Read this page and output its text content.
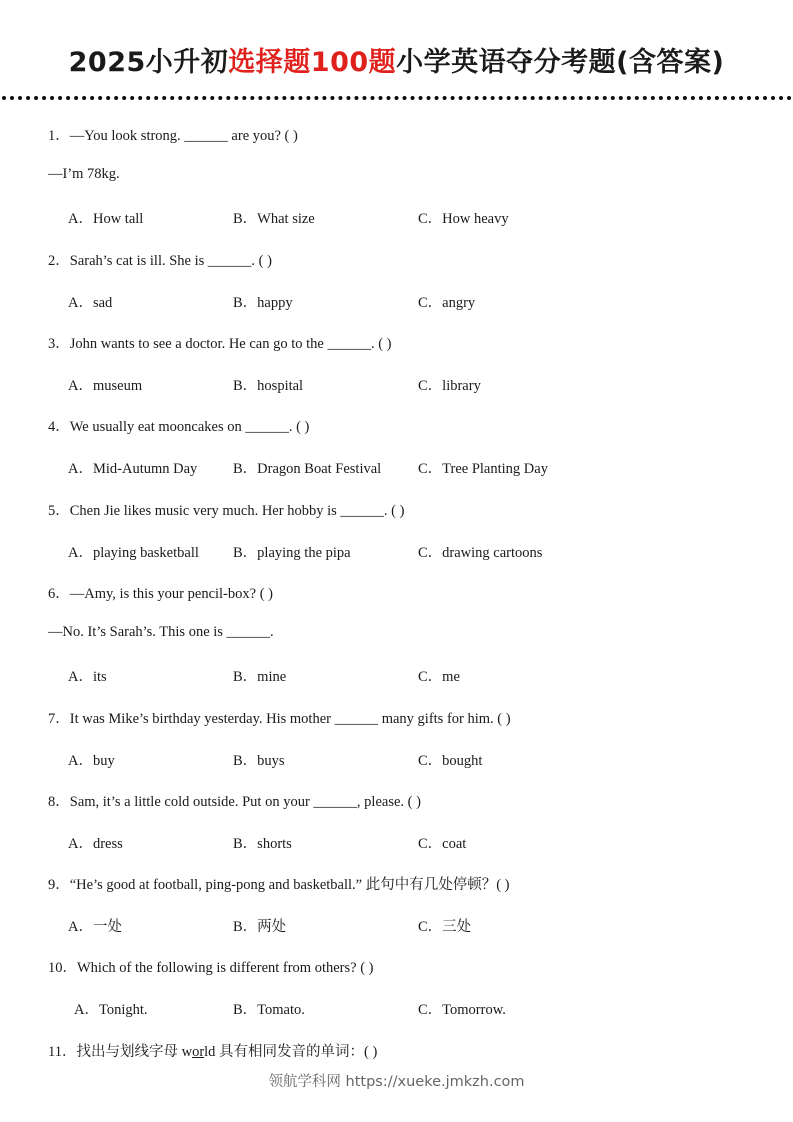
2025小升初选择题100题小学英语夺分考题(含答案)
1．—You look strong. ______ are you? ( )
—I’m 78kg.
A．How tall	B．What size	C．How heavy
2．Sarah’s cat is ill. She is ______. ( )
A．sad	B．happy	C．angry
3．John wants to see a doctor. He can go to the ______. ( )
A．museum	B．hospital	C．library
4．We usually eat mooncakes on ______. ( )
A．Mid-Autumn Day B．Dragon Boat Festival	C．Tree Planting Day
5．Chen Jie likes music very much. Her hobby is ______. ( )
A．playing basketball B．playing the pipa	C．drawing cartoons
6．—Amy, is this your pencil-box? ( )
—No. It’s Sarah’s. This one is ______.
A．its	B．mine	C．me
7．It was Mike’s birthday yesterday. His mother ______ many gifts for him. ( )
A．buy	B．buys	C．bought
8．Sam, it’s a little cold outside. Put on your ______, please. ( )
A．dress	B．shorts	C．coat
9．“He’s good at football, ping-pong and basketball.” 此句中有几处停顿？( )
A．一处	B．两处	C．三处
10．Which of the following is different from others? ( )
A．Tonight.	B．Tomato.	C．Tomorrow.
11．找出与划线字母 world 具有相同发音的单词：( )
领航学科网 https://xueke.jmkzh.com
